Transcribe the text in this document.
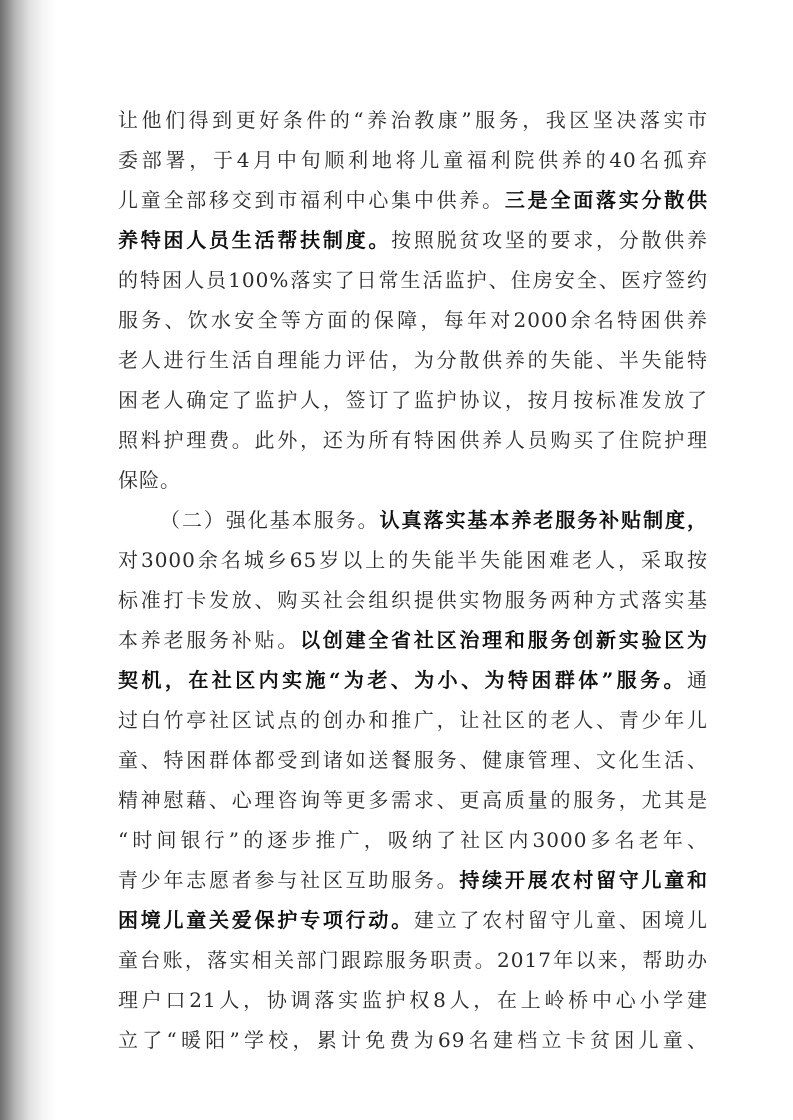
让他们得到更好条件的“养治教康”服务，我区坚决落实市
委部署，于4月中旬顺利地将儿童福利院供养的40名孤弃
儿童全部移交到市福利中心集中供养。三是全面落实分散供
养特困人员生活帮扶制度。按照脱贫攻坚的要求，分散供养
的特困人员100%落实了日常生活监护、住房安全、医疗签约
服务、饮水安全等方面的保障，每年对2000余名特困供养
老人进行生活自理能力评估，为分散供养的失能、半失能特
困老人确定了监护人，签订了监护协议，按月按标准发放了
照料护理费。此外，还为所有特困供养人员购买了住院护理
保险。
（二）强化基本服务。认真落实基本养老服务补贴制度，
对3000余名城乡65岁以上的失能半失能困难老人，采取按
标准打卡发放、购买社会组织提供实物服务两种方式落实基
本养老服务补贴。以创建全省社区治理和服务创新实验区为
契机，在社区内实施“为老、为小、为特困群体”服务。通
过白竹亭社区试点的创办和推广，让社区的老人、青少年儿
童、特困群体都受到诸如送餐服务、健康管理、文化生活、
精神慰藉、心理咨询等更多需求、更高质量的服务，尤其是
“时间银行”的逐步推广，吸纳了社区内3000多名老年、
青少年志愿者参与社区互助服务。持续开展农村留守儿童和
困境儿童关爱保护专项行动。建立了农村留守儿童、困境儿
童台账，落实相关部门跟踪服务职责。2017年以来，帮助办
理户口21人，协调落实监护权8人，在上岭桥中心小学建
立了“暖阳”学校，累计免费为69名建档立卡贫困儿童、
